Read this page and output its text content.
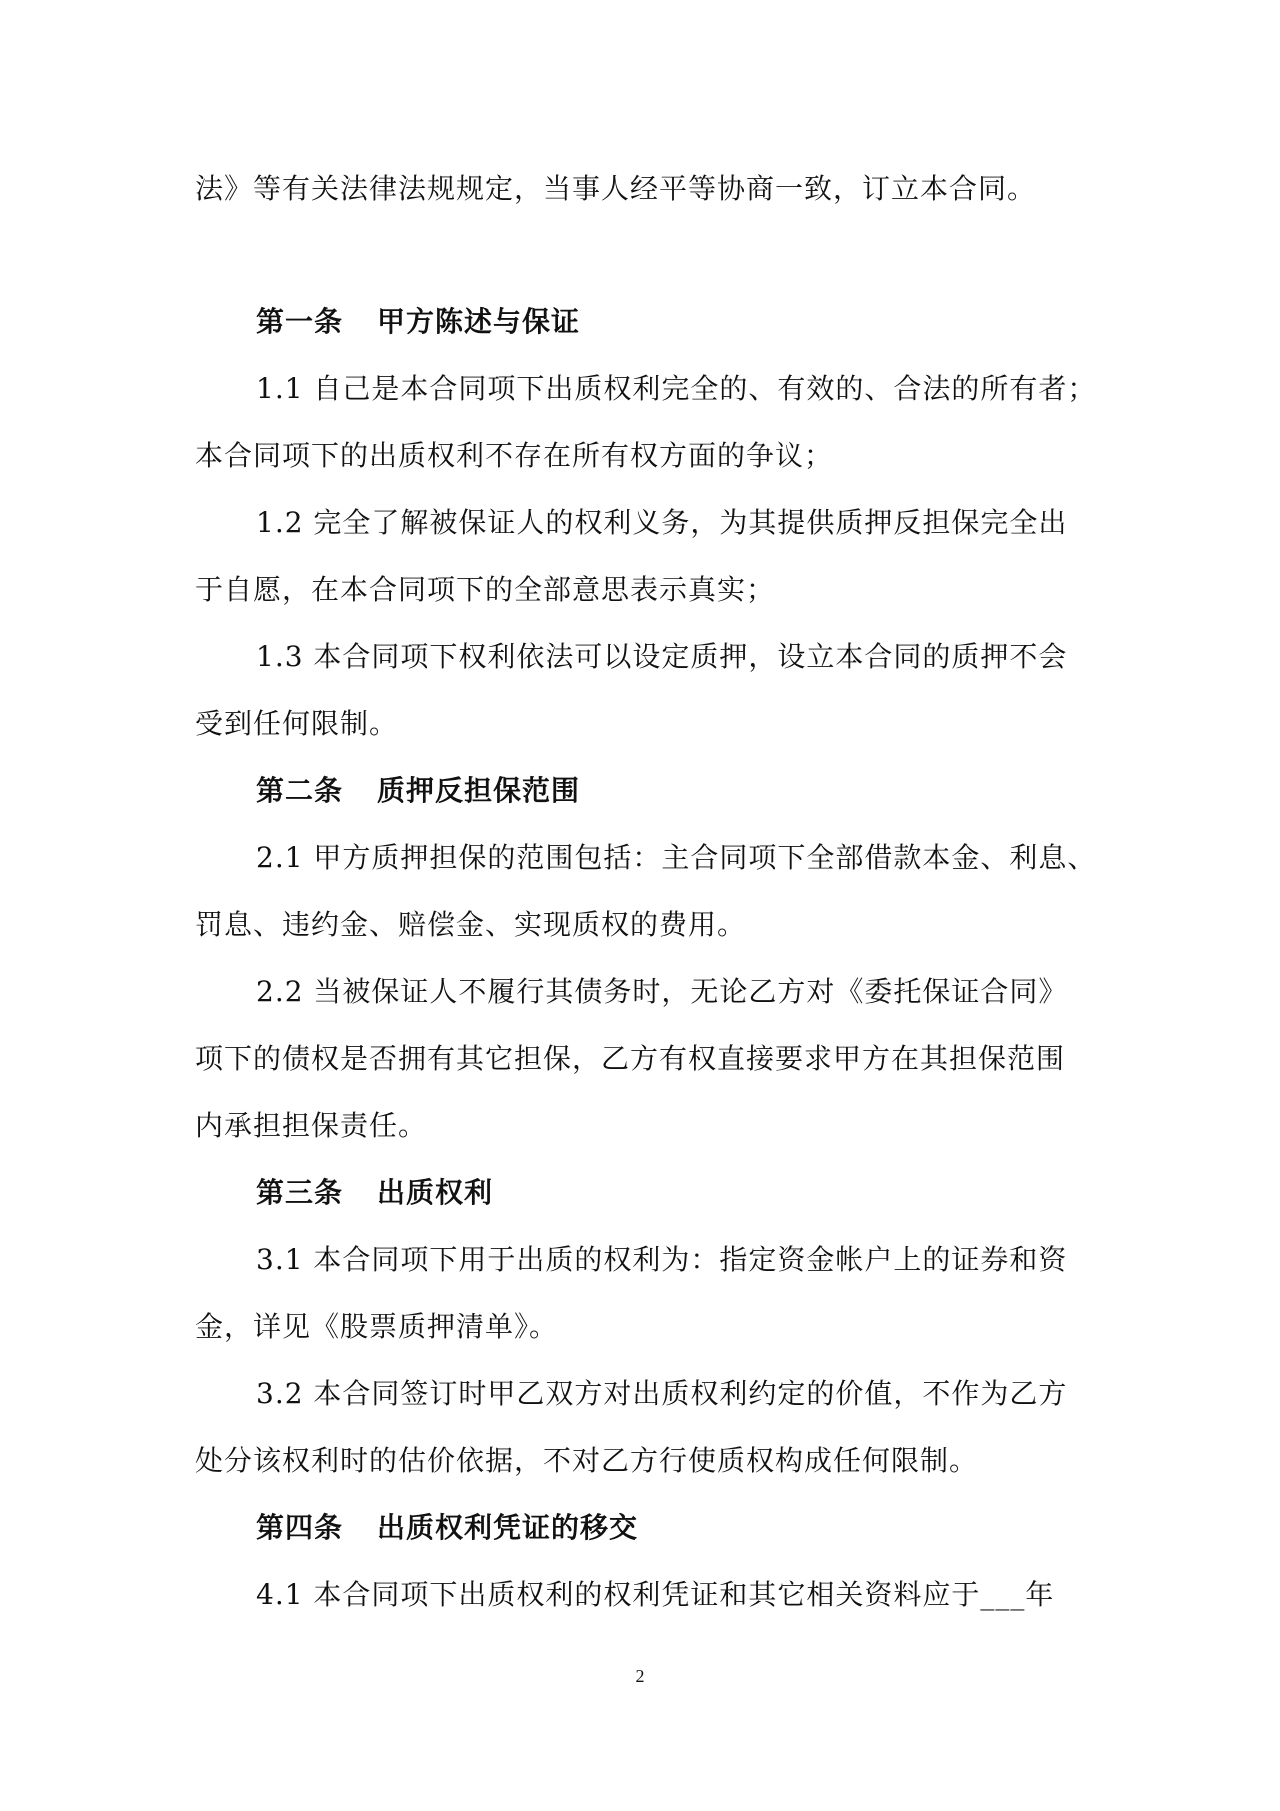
法》等有关法律法规规定，当事人经平等协商一致，订立本合同。
第一条 甲方陈述与保证
1.1 自己是本合同项下出质权利完全的、有效的、合法的所有者；
本合同项下的出质权利不存在所有权方面的争议；
1.2 完全了解被保证人的权利义务，为其提供质押反担保完全出
于自愿，在本合同项下的全部意思表示真实；
1.3 本合同项下权利依法可以设定质押，设立本合同的质押不会
受到任何限制。
第二条 质押反担保范围
2.1 甲方质押担保的范围包括：主合同项下全部借款本金、利息、
罚息、违约金、赔偿金、实现质权的费用。
2.2 当被保证人不履行其债务时，无论乙方对《委托保证合同》
项下的债权是否拥有其它担保，乙方有权直接要求甲方在其担保范围
内承担担保责任。
第三条 出质权利
3.1 本合同项下用于出质的权利为：指定资金帐户上的证券和资
金，详见《股票质押清单》。
3.2 本合同签订时甲乙双方对出质权利约定的价值，不作为乙方
处分该权利时的估价依据，不对乙方行使质权构成任何限制。
第四条 出质权利凭证的移交
4.1 本合同项下出质权利的权利凭证和其它相关资料应于___年
2
